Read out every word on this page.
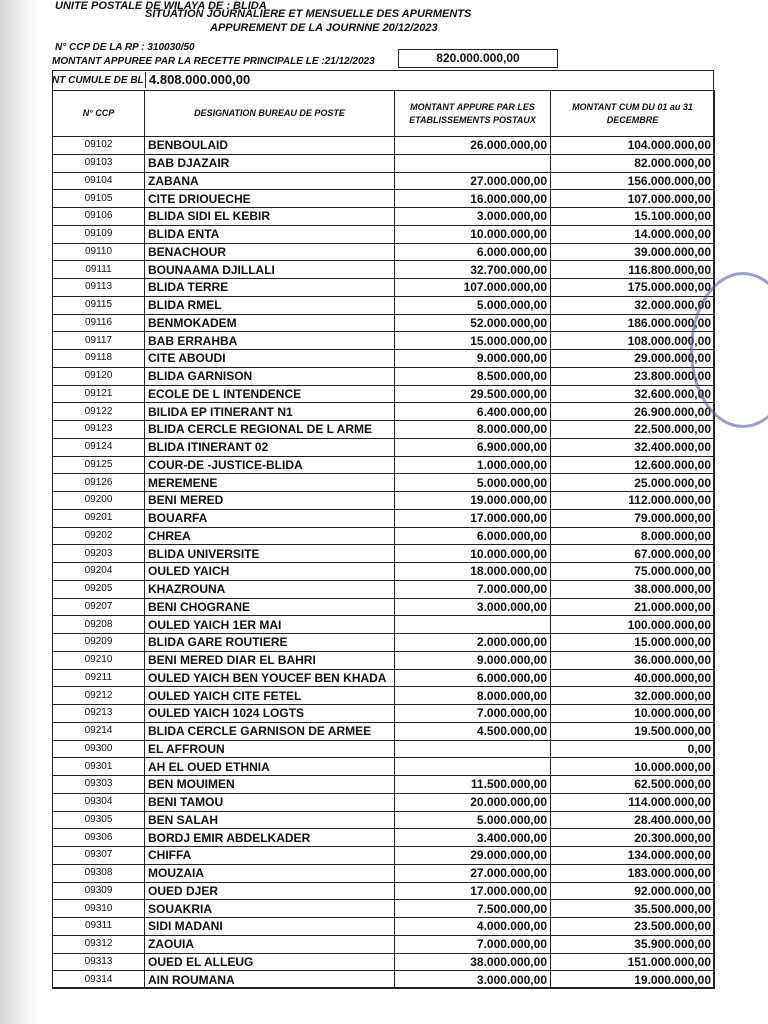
UNITE POSTALE DE WILAYA DE : BLIDA
SITUATION JOURNALIERE ET MENSUELLE DES APURMENTS
APPUREMENT DE LA JOURNNE 20/12/2023
N° CCP DE LA RP : 310030/50
MONTANT APPUREE PAR LA RECETTE PRINCIPALE LE :21/12/2023	820.000.000,00
NT CUMULE DE BL 4.808.000.000,00
N° CCP	DESIGNATION BUREAU DE POSTE	MONTANT APPURE PAR LES ETABLISSEMENTS POSTAUX	MONTANT CUM DU 01 au 31 DECEMBRE
09102	BENBOULAID	26.000.000,00	104.000.000,00
09103	BAB DJAZAIR		82.000.000,00
09104	ZABANA	27.000.000,00	156.000.000,00
09105	CITE DRIOUECHE	16.000.000,00	107.000.000,00
09106	BLIDA SIDI EL KEBIR	3.000.000,00	15.100.000,00
09109	BLIDA ENTA	10.000.000,00	14.000.000,00
09110	BENACHOUR	6.000.000,00	39.000.000,00
09111	BOUNAAMA DJILLALI	32.700.000,00	116.800.000,00
09113	BLIDA TERRE	107.000.000,00	175.000.000,00
09115	BLIDA RMEL	5.000.000,00	32.000.000,00
09116	BENMOKADEM	52.000.000,00	186.000.000,00
09117	BAB ERRAHBA	15.000.000,00	108.000.000,00
09118	CITE ABOUDI	9.000.000,00	29.000.000,00
09120	BLIDA GARNISON	8.500.000,00	23.800.000,00
09121	ECOLE DE L INTENDENCE	29.500.000,00	32.600.000,00
09122	BILIDA EP ITINERANT N1	6.400.000,00	26.900.000,00
09123	BLIDA CERCLE REGIONAL DE L ARME	8.000.000,00	22.500.000,00
09124	BLIDA ITINERANT 02	6.900.000,00	32.400.000,00
09125	COUR-DE -JUSTICE-BLIDA	1.000.000,00	12.600.000,00
09126	MEREMENE	5.000.000,00	25.000.000,00
09200	BENI MERED	19.000.000,00	112.000.000,00
09201	BOUARFA	17.000.000,00	79.000.000,00
09202	CHREA	6.000.000,00	8.000.000,00
09203	BLIDA UNIVERSITE	10.000.000,00	67.000.000,00
09204	OULED YAICH	18.000.000,00	75.000.000,00
09205	KHAZROUNA	7.000.000,00	38.000.000,00
09207	BENI CHOGRANE	3.000.000,00	21.000.000,00
09208	OULED YAICH 1ER MAI		100.000.000,00
09209	BLIDA GARE ROUTIERE	2.000.000,00	15.000.000,00
09210	BENI MERED DIAR EL BAHRI	9.000.000,00	36.000.000,00
09211	OULED YAICH BEN YOUCEF BEN KHADA	6.000.000,00	40.000.000,00
09212	OULED YAICH CITE FETEL	8.000.000,00	32.000.000,00
09213	OULED YAICH 1024 LOGTS	7.000.000,00	10.000.000,00
09214	BLIDA CERCLE GARNISON DE ARMEE	4.500.000,00	19.500.000,00
09300	EL AFFROUN		0,00
09301	AH EL OUED ETHNIA		10.000.000,00
09303	BEN MOUIMEN	11.500.000,00	62.500.000,00
09304	BENI TAMOU	20.000.000,00	114.000.000,00
09305	BEN SALAH	5.000.000,00	28.400.000,00
09306	BORDJ EMIR ABDELKADER	3.400.000,00	20.300.000,00
09307	CHIFFA	29.000.000,00	134.000.000,00
09308	MOUZAIA	27.000.000,00	183.000.000,00
09309	OUED DJER	17.000.000,00	92.000.000,00
09310	SOUAKRIA	7.500.000,00	35.500.000,00
09311	SIDI MADANI	4.000.000,00	23.500.000,00
09312	ZAOUIA	7.000.000,00	35.900.000,00
09313	OUED EL ALLEUG	38.000.000,00	151.000.000,00
09314	AIN ROUMANA	3.000.000,00	19.000.000,00
